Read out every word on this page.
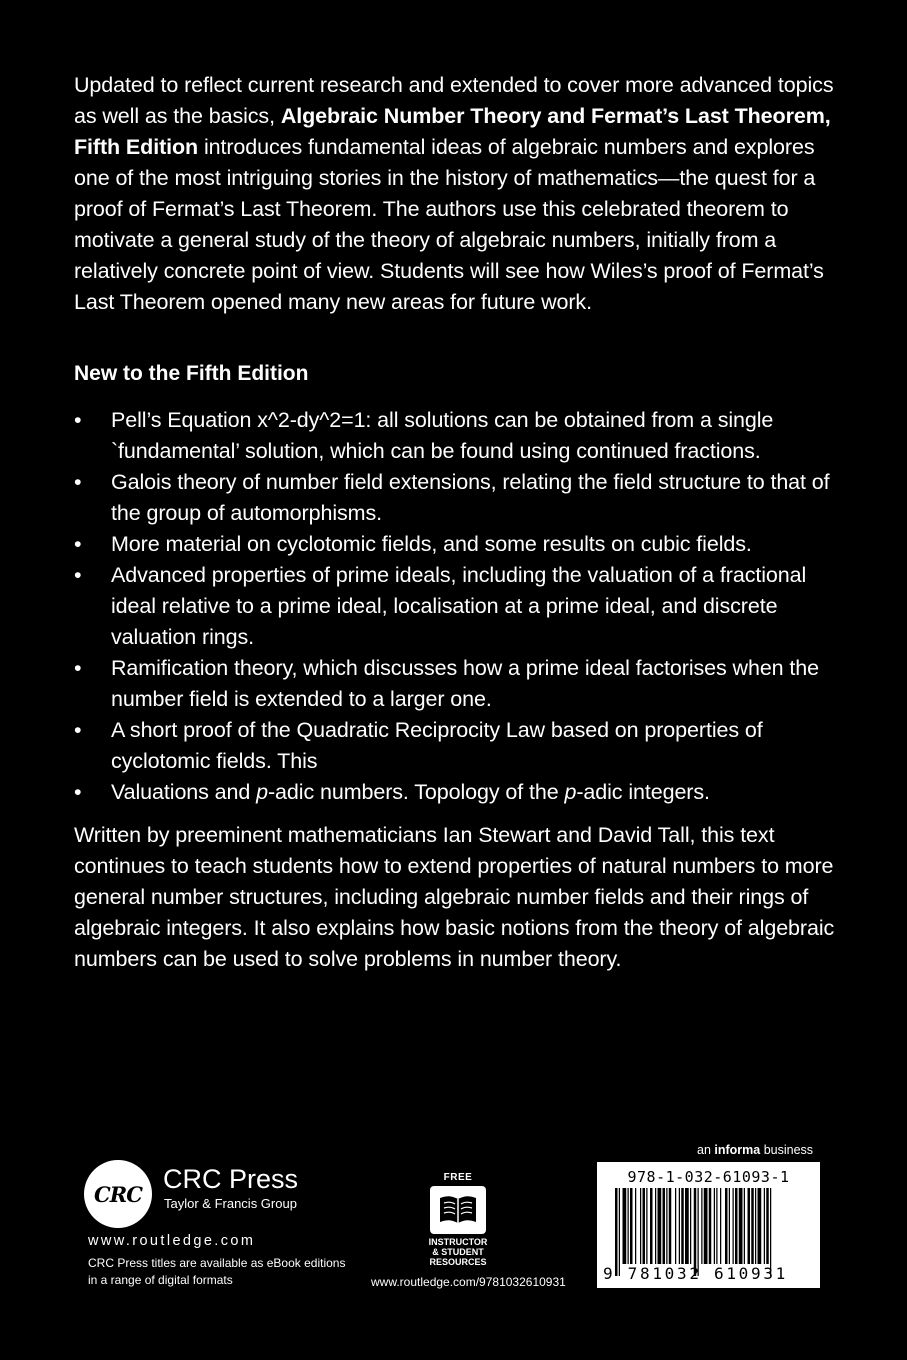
Updated to reflect current research and extended to cover more advanced topics as well as the basics, Algebraic Number Theory and Fermat’s Last Theorem, Fifth Edition introduces fundamental ideas of algebraic numbers and explores one of the most intriguing stories in the history of mathematics—the quest for a proof of Fermat’s Last Theorem. The authors use this celebrated theorem to motivate a general study of the theory of algebraic numbers, initially from a relatively concrete point of view. Students will see how Wiles’s proof of Fermat’s Last Theorem opened many new areas for future work.
New to the Fifth Edition
• Pell’s Equation x^2-dy^2=1: all solutions can be obtained from a single `fundamental’ solution, which can be found using continued fractions.
• Galois theory of number field extensions, relating the field structure to that of the group of automorphisms.
• More material on cyclotomic fields, and some results on cubic fields.
• Advanced properties of prime ideals, including the valuation of a fractional ideal relative to a prime ideal, localisation at a prime ideal, and discrete valuation rings.
• Ramification theory, which discusses how a prime ideal factorises when the number field is extended to a larger one.
• A short proof of the Quadratic Reciprocity Law based on properties of cyclotomic fields. This
• Valuations and p-adic numbers. Topology of the p-adic integers.
Written by preeminent mathematicians Ian Stewart and David Tall, this text continues to teach students how to extend properties of natural numbers to more general number structures, including algebraic number fields and their rings of algebraic integers. It also explains how basic notions from the theory of algebraic numbers can be used to solve problems in number theory.
CRC CRC Press
Taylor & Francis Group
www.routledge.com
CRC Press titles are available as eBook editions in a range of digital formats
FREE
INSTRUCTOR
& STUDENT
RESOURCES
www.routledge.com/9781032610931
an informa business
978-1-032-61093-1
9 781032 610931
